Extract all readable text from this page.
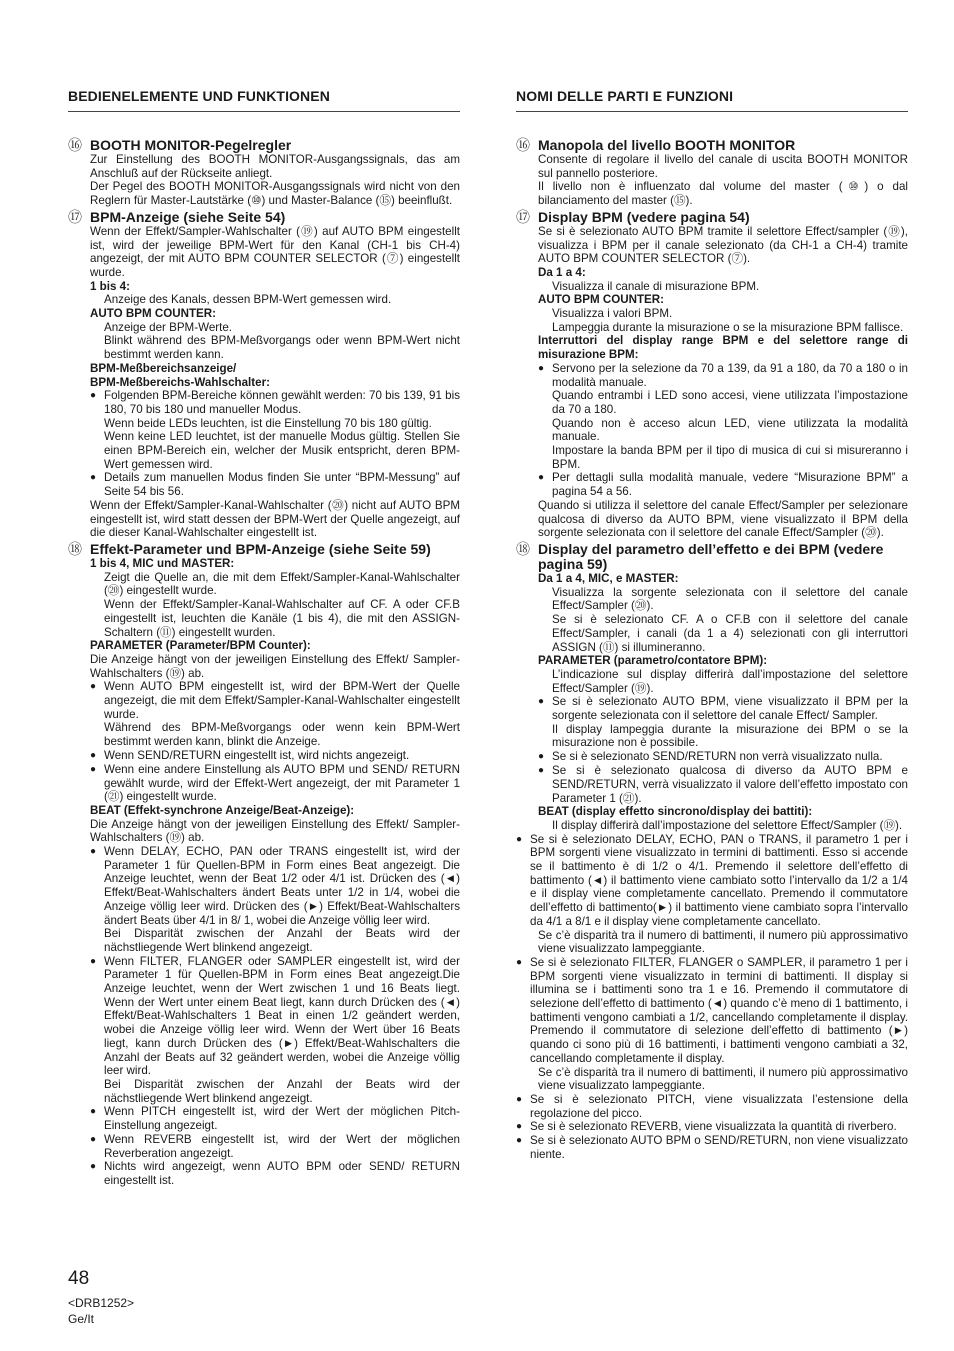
BEDIENELEMENTE UND FUNKTIONEN
⑯ BOOTH MONITOR-Pegelregler

Zur Einstellung des BOOTH MONITOR-Ausgangssignals, das am Anschluß auf der Rückseite anliegt.

Der Pegel des BOOTH MONITOR-Ausgangssignals wird nicht von den Reglern für Master-Lautstärke (⑩) und Master-Balance (⑮) beeinflußt.

⑰ BPM-Anzeige (siehe Seite 54)

Wenn der Effekt/Sampler-Wahlschalter (⑲) auf AUTO BPM eingestellt ist, wird der jeweilige BPM-Wert für den Kanal (CH-1 bis CH-4) angezeigt, der mit AUTO BPM COUNTER SELECTOR (⑦) eingestellt wurde.

1 bis 4:

Anzeige des Kanals, dessen BPM-Wert gemessen wird.

AUTO BPM COUNTER:

Anzeige der BPM-Werte.

Blinkt während des BPM-Meßvorgangs oder wenn BPM-Wert nicht bestimmt werden kann.

BPM-Meßbereichsanzeige/

BPM-Meßbereichs-Wahlschalter:

● Folgenden BPM-Bereiche können gewählt werden: 70 bis 139, 91 bis 180, 70 bis 180 und manueller Modus.

Wenn beide LEDs leuchten, ist die Einstellung 70 bis 180 gültig.

Wenn keine LED leuchtet, ist der manuelle Modus gültig. Stellen Sie einen BPM-Bereich ein, welcher der Musik entspricht, deren BPM-Wert gemessen wird.

● Details zum manuellen Modus finden Sie unter “BPM-Messung” auf Seite 54 bis 56.

Wenn der Effekt/Sampler-Kanal-Wahlschalter (⑳) nicht auf AUTO BPM eingestellt ist, wird statt dessen der BPM-Wert der Quelle angezeigt, auf die dieser Kanal-Wahlschalter eingestellt ist.

⑱ Effekt-Parameter und BPM-Anzeige (siehe Seite 59)

1 bis 4, MIC und MASTER:

Zeigt die Quelle an, die mit dem Effekt/Sampler-Kanal-Wahlschalter (⑳) eingestellt wurde.

Wenn der Effekt/Sampler-Kanal-Wahlschalter auf CF. A oder CF.B eingestellt ist, leuchten die Kanäle (1 bis 4), die mit den ASSIGN-Schaltern (⑪) eingestellt wurden.

PARAMETER (Parameter/BPM Counter):

Die Anzeige hängt von der jeweiligen Einstellung des Effekt/ Sampler-Wahlschalters (⑲) ab.

● Wenn AUTO BPM eingestellt ist, wird der BPM-Wert der Quelle angezeigt, die mit dem Effekt/Sampler-Kanal-Wahlschalter eingestellt wurde.

Während des BPM-Meßvorgangs oder wenn kein BPM-Wert bestimmt werden kann, blinkt die Anzeige.

● Wenn SEND/RETURN eingestellt ist, wird nichts angezeigt.
● Wenn eine andere Einstellung als AUTO BPM und SEND/ RETURN gewählt wurde, wird der Effekt-Wert angezeigt, der mit Parameter 1 (㉑) eingestellt wurde.

BEAT (Effekt-synchrone Anzeige/Beat-Anzeige):

Die Anzeige hängt von der jeweiligen Einstellung des Effekt/ Sampler-Wahlschalters (⑲) ab.

● Wenn DELAY, ECHO, PAN oder TRANS eingestellt ist, wird der Parameter 1 für Quellen-BPM in Form eines Beat angezeigt. Die Anzeige leuchtet, wenn der Beat 1/2 oder 4/1 ist. Drücken des (◄) Effekt/Beat-Wahlschalters ändert Beats unter 1/2 in 1/4, wobei die Anzeige völlig leer wird. Drücken des (►) Effekt/Beat-Wahlschalters ändert Beats über 4/1 in 8/ 1, wobei die Anzeige völlig leer wird.

Bei Disparität zwischen der Anzahl der Beats wird der nächstliegende Wert blinkend angezeigt.

● Wenn FILTER, FLANGER oder SAMPLER eingestellt ist, wird der Parameter 1 für Quellen-BPM in Form eines Beat angezeigt.Die Anzeige leuchtet, wenn der Wert zwischen 1 und 16 Beats liegt. Wenn der Wert unter einem Beat liegt, kann durch Drücken des (◄) Effekt/Beat-Wahlschalters 1 Beat in einen 1/2 geändert werden, wobei die Anzeige völlig leer wird. Wenn der Wert über 16 Beats liegt, kann durch Drücken des (►) Effekt/Beat-Wahlschalters die Anzahl der Beats auf 32 geändert werden, wobei die Anzeige völlig leer wird.

Bei Disparität zwischen der Anzahl der Beats wird der nächstliegende Wert blinkend angezeigt.

● Wenn PITCH eingestellt ist, wird der Wert der möglichen Pitch-Einstellung angezeigt.
● Wenn REVERB eingestellt ist, wird der Wert der möglichen Reverberation angezeigt.
● Nichts wird angezeigt, wenn AUTO BPM oder SEND/ RETURN eingestellt ist.
NOMI DELLE PARTI E FUNZIONI
⑯ Manopola del livello BOOTH MONITOR

Consente di regolare il livello del canale di uscita BOOTH MONITOR sul pannello posteriore.

Il livello non è influenzato dal volume del master (⑩) o dal bilanciamento del master (⑮).

⑰ Display BPM (vedere pagina 54)

Se si è selezionato AUTO BPM tramite il selettore Effect/sampler (⑲), visualizza i BPM per il canale selezionato (da CH-1 a CH-4) tramite AUTO BPM COUNTER SELECTOR (⑦).

Da 1 a 4:

Visualizza il canale di misurazione BPM.

AUTO BPM COUNTER:

Visualizza i valori BPM.

Lampeggia durante la misurazione o se la misurazione BPM fallisce.

Interruttori del display range BPM e del selettore range di misurazione BPM:

● Servono per la selezione da 70 a 139, da 91 a 180, da 70 a 180 o in modalità manuale.

Quando entrambi i LED sono accesi, viene utilizzata l’impostazione da 70 a 180.

Quando non è acceso alcun LED, viene utilizzata la modalità manuale.

Impostare la banda BPM per il tipo di musica di cui si misureranno i BPM.

● Per dettagli sulla modalità manuale, vedere “Misurazione BPM” a pagina 54 a 56.

Quando si utilizza il selettore del canale Effect/Sampler per selezionare qualcosa di diverso da AUTO BPM, viene visualizzato il BPM della sorgente selezionata con il selettore del canale Effect/Sampler (⑳).

⑱ Display del parametro dell’effetto e dei BPM (vedere pagina 59)

Da 1 a 4, MIC, e MASTER:

Visualizza la sorgente selezionata con il selettore del canale Effect/Sampler (⑳).

Se si è selezionato CF. A o CF.B con il selettore del canale Effect/Sampler, i canali (da 1 a 4) selezionati con gli interruttori ASSIGN (⑪) si illumineranno.

PARAMETER (parametro/contatore BPM):

L’indicazione sul display differirà dall’impostazione del selettore Effect/Sampler (⑲).

● Se si è selezionato AUTO BPM, viene visualizzato il BPM per la sorgente selezionata con il selettore del canale Effect/ Sampler.

Il display lampeggia durante la misurazione dei BPM o se la misurazione non è possibile.

● Se si è selezionato SEND/RETURN non verrà visualizzato nulla.
● Se si è selezionato qualcosa di diverso da AUTO BPM e SEND/RETURN, verrà visualizzato il valore dell’effetto impostato con Parameter 1 (㉑).

BEAT (display effetto sincrono/display dei battiti):

Il display differirà dall’impostazione del selettore Effect/Sampler (⑲).

● Se si è selezionato DELAY, ECHO, PAN o TRANS, il parametro 1 per i BPM sorgenti viene visualizzato in termini di battimenti. Esso si accende se il battimento è di 1/2 o 4/1. Premendo il selettore dell’effetto di battimento (◄) il battimento viene cambiato sotto l’intervallo da 1/2 a 1/4 e il display viene completamente cancellato. Premendo il commutatore dell’effetto di battimento(►) il battimento viene cambiato sopra l’intervallo da 4/1 a 8/1 e il display viene completamente cancellato.

Se c’è disparità tra il numero di battimenti, il numero più approssimativo viene visualizzato lampeggiante.

● Se si è selezionato FILTER, FLANGER o SAMPLER, il parametro 1 per i BPM sorgenti viene visualizzato in termini di battimenti. Il display si illumina se i battimenti sono tra 1 e 16. Premendo il commutatore di selezione dell’effetto di battimento (◄) quando c’è meno di 1 battimento, i battimenti vengono cambiati a 1/2, cancellando completamente il display. Premendo il commutatore di selezione dell’effetto di battimento (►) quando ci sono più di 16 battimenti, i battimenti vengono cambiati a 32, cancellando completamente il display.

Se c’è disparità tra il numero di battimenti, il numero più approssimativo viene visualizzato lampeggiante.

● Se si è selezionato PITCH, viene visualizzata l’estensione della regolazione del picco.
● Se si è selezionato REVERB, viene visualizzata la quantità di riverbero.
● Se si è selezionato AUTO BPM o SEND/RETURN, non viene visualizzato niente.
48
<DRB1252>
Ge/It
